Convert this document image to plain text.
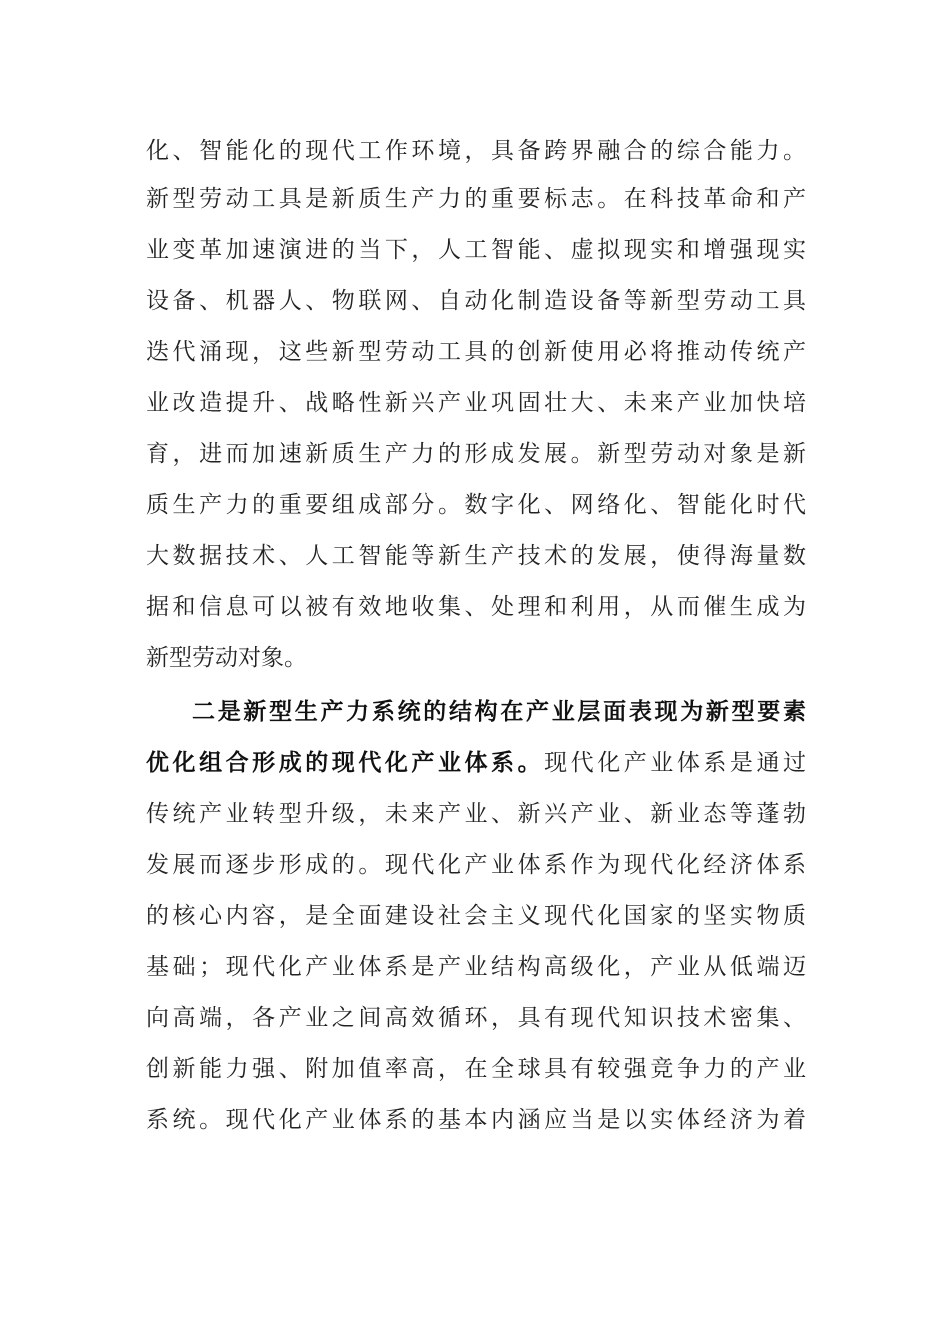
化、智能化的现代工作环境，具备跨界融合的综合能力。
新型劳动工具是新质生产力的重要标志。在科技革命和产
业变革加速演进的当下，人工智能、虚拟现实和增强现实
设备、机器人、物联网、自动化制造设备等新型劳动工具
迭代涌现，这些新型劳动工具的创新使用必将推动传统产
业改造提升、战略性新兴产业巩固壮大、未来产业加快培
育，进而加速新质生产力的形成发展。新型劳动对象是新
质生产力的重要组成部分。数字化、网络化、智能化时代
大数据技术、人工智能等新生产技术的发展，使得海量数
据和信息可以被有效地收集、处理和利用，从而催生成为
新型劳动对象。
二是新型生产力系统的结构在产业层面表现为新型要素
优化组合形成的现代化产业体系。现代化产业体系是通过
传统产业转型升级，未来产业、新兴产业、新业态等蓬勃
发展而逐步形成的。现代化产业体系作为现代化经济体系
的核心内容，是全面建设社会主义现代化国家的坚实物质
基础；现代化产业体系是产业结构高级化，产业从低端迈
向高端，各产业之间高效循环，具有现代知识技术密集、
创新能力强、附加值率高，在全球具有较强竞争力的产业
系统。现代化产业体系的基本内涵应当是以实体经济为着
